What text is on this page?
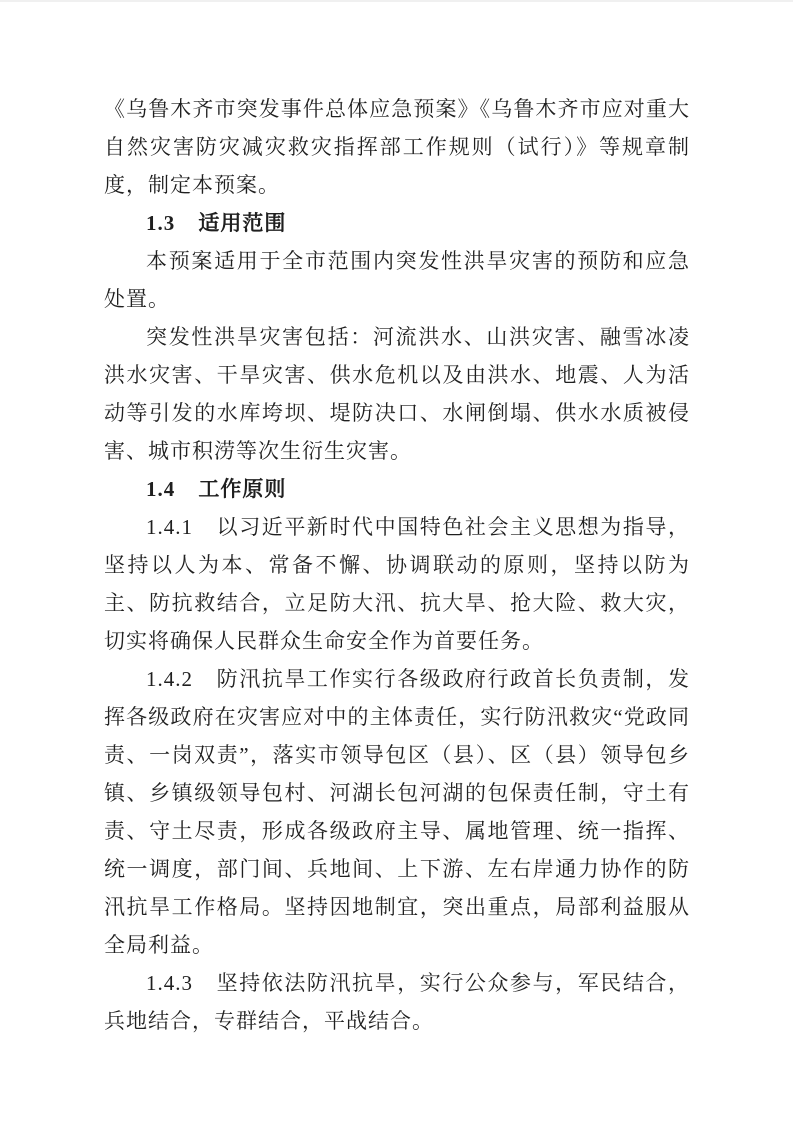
《乌鲁木齐市突发事件总体应急预案》《乌鲁木齐市应对重大自然灾害防灾减灾救灾指挥部工作规则（试行）》等规章制度，制定本预案。

1.3 适用范围

本预案适用于全市范围内突发性洪旱灾害的预防和应急处置。

突发性洪旱灾害包括：河流洪水、山洪灾害、融雪冰凌洪水灾害、干旱灾害、供水危机以及由洪水、地震、人为活动等引发的水库垮坝、堤防决口、水闸倒塌、供水水质被侵害、城市积涝等次生衍生灾害。

1.4 工作原则

1.4.1 以习近平新时代中国特色社会主义思想为指导，坚持以人为本、常备不懈、协调联动的原则，坚持以防为主、防抗救结合，立足防大汛、抗大旱、抢大险、救大灾，切实将确保人民群众生命安全作为首要任务。

1.4.2 防汛抗旱工作实行各级政府行政首长负责制，发挥各级政府在灾害应对中的主体责任，实行防汛救灾“党政同责、一岗双责”，落实市领导包区（县）、区（县）领导包乡镇、乡镇级领导包村、河湖长包河湖的包保责任制，守土有责、守土尽责，形成各级政府主导、属地管理、统一指挥、统一调度，部门间、兵地间、上下游、左右岸通力协作的防汛抗旱工作格局。坚持因地制宜，突出重点，局部利益服从全局利益。

1.4.3 坚持依法防汛抗旱，实行公众参与，军民结合，兵地结合，专群结合，平战结合。
